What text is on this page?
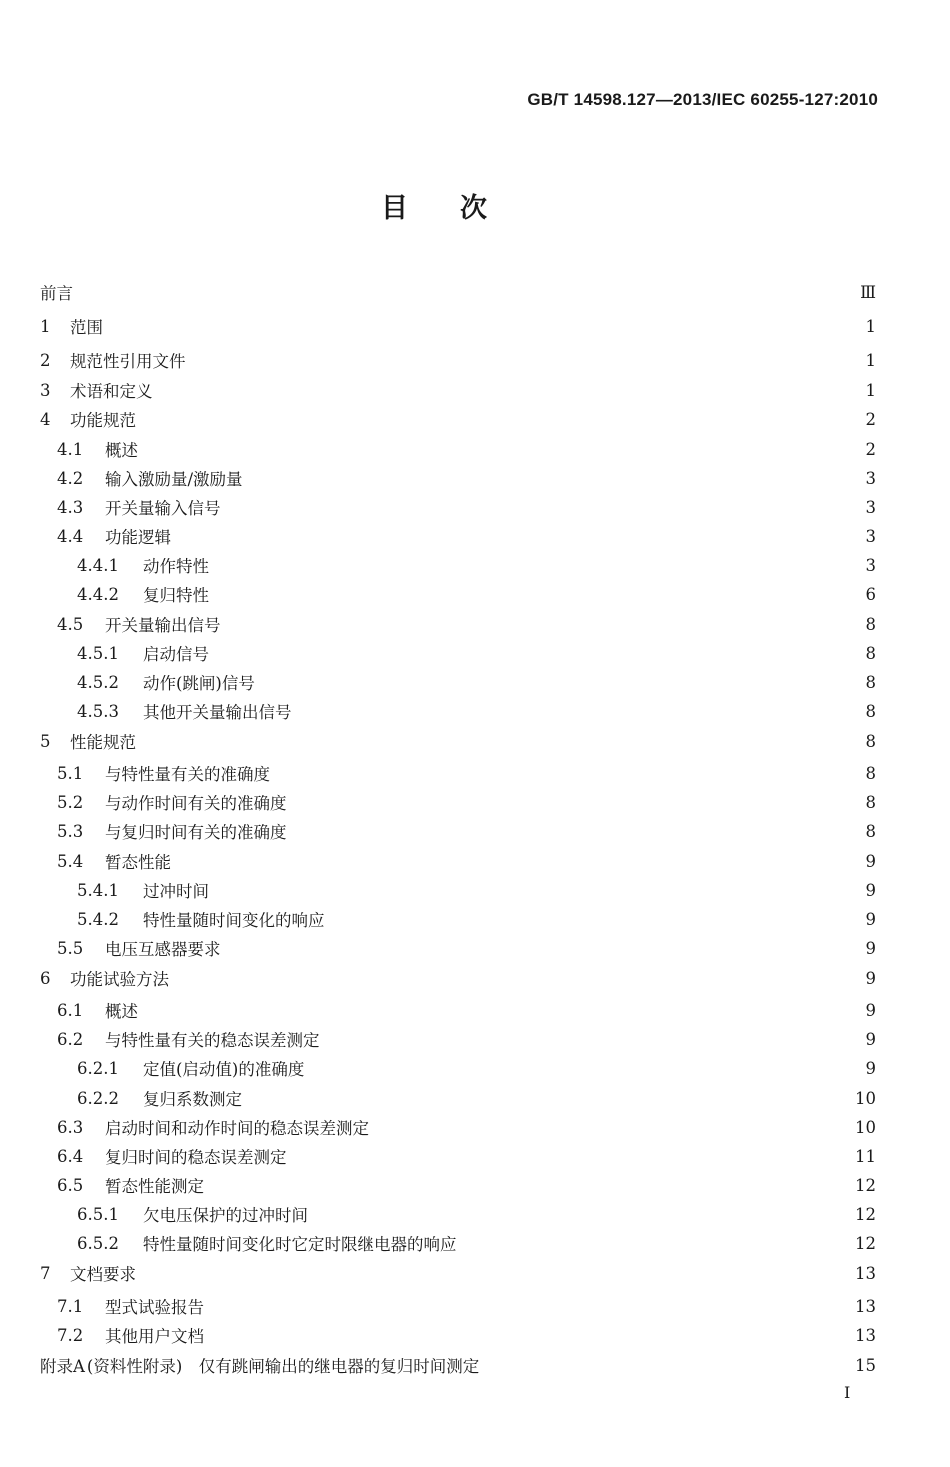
GB/T 14598.127—2013/IEC 60255-127:2010
目次
前言	Ⅲ
1	范围	1
2	规范性引用文件	1
3	术语和定义	1
4	功能规范	2
4.1	概述	2
4.2	输入激励量/激励量	3
4.3	开关量输入信号	3
4.4	功能逻辑	3
4.4.1	动作特性	3
4.4.2	复归特性	6
4.5	开关量输出信号	8
4.5.1	启动信号	8
4.5.2	动作(跳闸)信号	8
4.5.3	其他开关量输出信号	8
5	性能规范	8
5.1	与特性量有关的准确度	8
5.2	与动作时间有关的准确度	8
5.3	与复归时间有关的准确度	8
5.4	暂态性能	9
5.4.1	过冲时间	9
5.4.2	特性量随时间变化的响应	9
5.5	电压互感器要求	9
6	功能试验方法	9
6.1	概述	9
6.2	与特性量有关的稳态误差测定	9
6.2.1	定值(启动值)的准确度	9
6.2.2	复归系数测定	10
6.3	启动时间和动作时间的稳态误差测定	10
6.4	复归时间的稳态误差测定	11
6.5	暂态性能测定	12
6.5.1	欠电压保护的过冲时间	12
6.5.2	特性量随时间变化时它定时限继电器的响应	12
7	文档要求	13
7.1	型式试验报告	13
7.2	其他用户文档	13
附录A (资料性附录)　仅有跳闸输出的继电器的复归时间测定	15
I
